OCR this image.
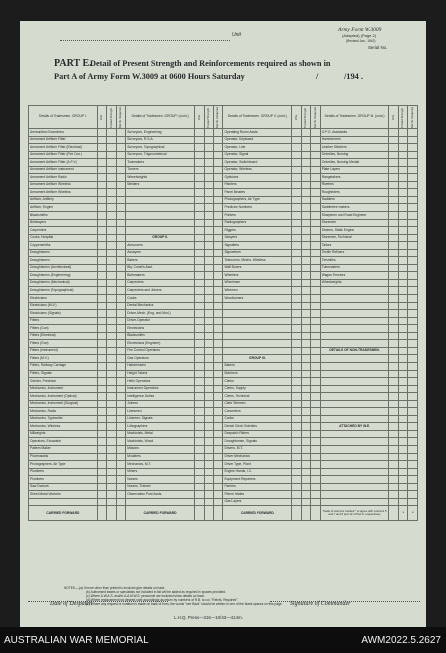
Unit
Army Form W.3009
(Adapted) (Page 2)
(Revised Jan., 1942)
Serial No.
PART E.
Detail of Present Strength and Reinforcements required as shown in
Part A of Army Form W.3009 at 0600 Hours Saturday	/194 .
/
Details of Tradesmen. GROUP I.	W.E.	Posted Strength.	Reinfs. Required.	Details of Tradesmen. GROUP I (cont.)	W.E.	Posted Strength.	Reinfs. Required.	Details of Tradesmen. GROUP II. (cont.)	W.E.	Posted Strength.	Reinfs. Required.	Details of Tradesmen. GROUP III. (cont.)	W.E.	Posted Strength.	Reinfs. Required.
Ammunition Examiners				Surveyors, Engineering				Operating Room Assts.				O.P.O. Assistants			
Armament Artificer Fitter				Surveyors, R.S.A.				Operator, Keyboard				Hammermen			
Armament Artificer Fitter (Electrical)				Surveyors, Topographical				Operator, Line				Leather Stitchers			
Armament Artificer Fitter (Fire Con.)				Surveyors, Trigonometrical				Operator, Signal				Orderlies, Nursing			
Armament Artificer Fitter (A.F.V.)				Toolmakers				Operator, Switchboard				Orderlies, Nursing Mental			
Armament Artificer Instrument				Turners				Operator, Wireless				Plate Layers			
Armament Artificer Radio				Wheelwrights				Opticians				Rangetakers			
Armament Artificer Wireless				Welders				Painters				Riveters			
Armament Artificer Wireless								Panel Beaters				Roughriders			
Artificer, Artillery								Photographers, Air Type				Saddlers			
Artificer, Engine								Predictor Numbers				Saddletree makers			
Blacksmiths								Printers				Sharpener and Road Engineer			
Bricklayers								Radiographers				Storemen			
Carpenters								Riggers				Stokers, Static Engine			
Cooks, Hospital				GROUP II.				Sawyers				Storemen, Technical			
Coppersmiths				Armourers				Signallers				Tailors			
Draughtsmen				Assayers				Signwriters				Textile Refiners			
Draughtsmen				Bakers				Telecomm. Mechs. Wireless				Tinsmiths			
Draughtsmen (Architectural)				Bty. Comd's Asst.				Wall Borers				Tubecasters			
Draughtsmen (Engineering)				Bulbmakers				Wheelers				Wagon Erectors			
Draughtsmen (Mechanical)				Carpenters				Wheelmen				Wheelwrights			
Draughtsmen (Topographical)				Carpenters and Joiners				Wiremen							
Electricians				Cooks				Woodturners							
Electricians (M.V.)				Dental Mechanics											
Electricians (Signals)				Driver-Mech. (Eng. and Mod.)											
Fitters				Driver-Operator											
Fitters (Gun)				Electricians											
Fitters (Electrical)				Blacksmiths											
Fitters (Gun)				Electricians (Engineer)											
Fitters (Instrument)				Fire Control Operators								DETAILS OF NON-TRADESMEN.			
Fitters (M.V.)				Gas Operators				GROUP III.							
Fitters, Railway Carriage				Hairdressers				Bakers							
Fitters, Signals				Height Takers				Butchers							
Grinder, Precision				Hello Operators				Clerks							
Mechanics, Instrument				Instrument Operators				Clerks, Supply							
Mechanics, Instrument (Optical)				Intelligence Duties				Clerks, Technical							
Mechanics, Instrument (Surgical)				Joiners				Clerk Telemen							
Mechanics, Radio				Linesmen				Concreters							
Mechanics, Typewriter				Linemen, Signals				Cooks							
Mechanics, Wireless				Lithographers				Dental Clerk Orderlies				ATTACHED BY W.E.			
Millwrights				Machinists, Metal				Despatch Riders							
Operators, Excavator				Machinists, Wood				Draughtsmen, Signals							
Pattern Maker				Masons				Drivers, M.T.							
Pharmacists				Moulders				Driver Mechanics							
Photographers, Air Type				Mechanics, M.T.				Driver Type, Plant							
Plumbers				Miners				Engine Hands, I.C.							
Plumbers				Nurses				Equipment Repairers							
Saw Doctors				Nurses, Trained				Farriers							
Sheet Metal Workers				Observation Post Assts.				Fitters' Mates							
								Gas Layers							
CARRIED FORWARD				CARRIED FORWARD				CARRIED FORWARD				Totals of columns marked * to agree with columns 5 and 7 and 5 and 12 of Part A. respectively.		*	*
NOTES.—(a) If more other than printed is involved give details on back.
(b) Authorised trades or specialists not included in list will be added as required in spaces provided.
(c) Where A.W.A.S. and/or A.A.M.W.S. personnel are included show details on back.
(d) Where replacement not desired note accordingly as return by numbers of R.B. to col. "Reinfs. Required".
(e) Where any request or notation is made on back of form, the words "see Back" should be written in one of the blank spaces on this page.
Date of Despatch	Signature of Commander
L.H.Q. Press—316—10/43—414m.
AUSTRALIAN WAR MEMORIAL	AWM2022.5.2627
